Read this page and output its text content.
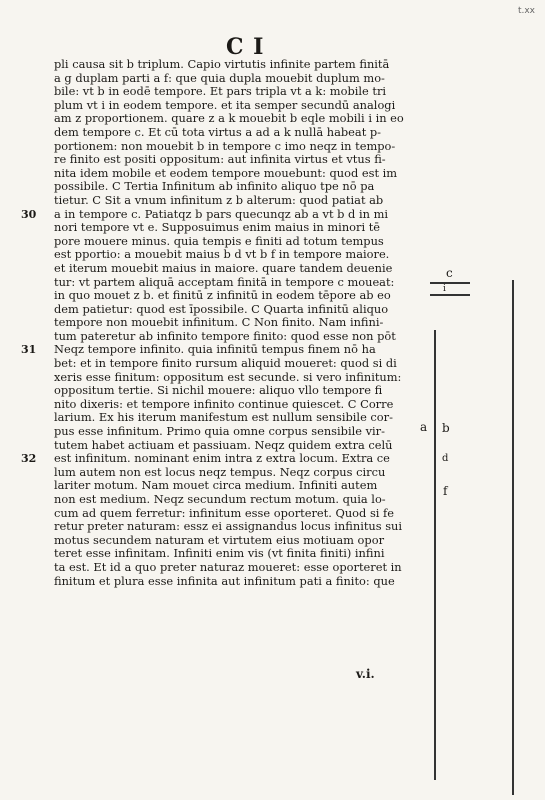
t.xx
C I
pli causa sit b triplum. Capio virtutis infinite partem finitā
a g duplam parti a f: que quia dupla mouebit duplum mo-
bile: vt b in eodē tempore. Et pars tripla vt a k: mobile tri
plum vt i in eodem tempore. et ita semper secundū analogi
am z proportionem. quare z a k mouebit b eqle mobili i in eo
dem tempore c. Et cū tota virtus a ad a k nullā habeat p-
portionem: non mouebit b in tempore c imo neqz in tempo-
re finito est positi oppositum: aut infinita virtus et vtus fi-
nita idem mobile et eodem tempore mouebunt: quod est im
possibile. C Tertia Infinitum ab infinito aliquo tpe nō pa
tietur. C Sit a vnum infinitum z b alterum: quod patiat ab
a in tempore c. Patiatqz b pars quecunqz ab a vt b d in mi
nori tempore vt e. Supposuimus enim maius in minori tē
pore mouere minus. quia tempis e finiti ad totum tempus
est pportio: a mouebit maius b d vt b f in tempore maiore.
et iterum mouebit maius in maiore. quare tandem deuenie
tur: vt partem aliquā acceptam finitā in tempore c moueat:
in quo mouet z b. et finitū z infinitū in eodem tēpore ab eo
dem patietur: quod est īpossibile. C Quarta infinitū aliquo
tempore non mouebit infinitum. C Non finito. Nam infini-
tum pateretur ab infinito tempore finito: quod esse non pōt
Neqz tempore infinito. quia infinitū tempus finem nō ha
bet: et in tempore finito rursum aliquid moueret: quod si di
xeris esse finitum: oppositum est secunde. si vero infinitum:
oppositum tertie. Si nichil mouere: aliquo vllo tempore fi
nito dixeris: et tempore infinito continue quiescet. C Corre
larium. Ex his iterum manifestum est nullum sensibile cor-
pus esse infinitum. Primo quia omne corpus sensibile vir-
tutem habet actiuam et passiuam. Neqz quidem extra celū
est infinitum. nominant enim intra z extra locum. Extra ce
lum autem non est locus neqz tempus. Neqz corpus circu
lariter motum. Nam mouet circa medium. Infiniti autem
non est medium. Neqz secundum rectum motum. quia lo-
cum ad quem ferretur: infinitum esse oporteret. Quod si fe
retur preter naturam: essz ei assignandus locus infinitus sui
motus secundem naturam et virtutem eius motiuam opor
teret esse infinitam. Infiniti enim vis (vt finita finiti) infini
ta est. Et id a quo preter naturaz moueret: esse oporteret in
finitum et plura esse infinita aut infinitum pati a finito: que
30
31
32
v.i.
c
i
a b
d
f
